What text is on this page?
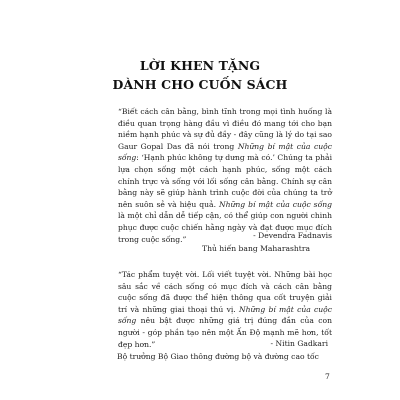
LỜI KHEN TẶNG
DÀNH CHO CUỐN SÁCH
“Biết cách cân bằng, bình tĩnh trong mọi tình huống là điều quan trọng hàng đầu vì điều đó mang tới cho bạn niềm hạnh phúc và sự đủ đầy - đây cũng là lý do tại sao Gaur Gopal Das đã nói trong Những bí mật của cuộc sống: ‘Hạnh phúc không tự dưng mà có.’ Chúng ta phải lựa chọn sống một cách hạnh phúc, sống một cách chính trực và sống với lối sống cân bằng. Chính sự cân bằng này sẽ giúp hành trình cuộc đời của chúng ta trở nên suôn sẻ và hiệu quả. Những bí mật của cuộc sống là một chỉ dẫn dễ tiếp cận, có thể giúp con người chinh phục được cuộc chiến hằng ngày và đạt được mục đích trong cuộc sống.”	- Devendra Fadnavis
Thủ hiến bang Maharashtra
“Tác phẩm tuyệt vời. Lối viết tuyệt vời. Những bài học sâu sắc về cách sống có mục đích và cách cân bằng cuộc sống đã được thể hiện thông qua cốt truyện giải trí và những giai thoại thú vị. Những bí mật của cuộc sống nêu bật được những giá trị đúng đắn của con người - góp phần tạo nên một Ấn Độ mạnh mẽ hơn, tốt đẹp hơn.”	- Nitin Gadkari
Bộ trưởng Bộ Giao thông đường bộ và đường cao tốc
7
